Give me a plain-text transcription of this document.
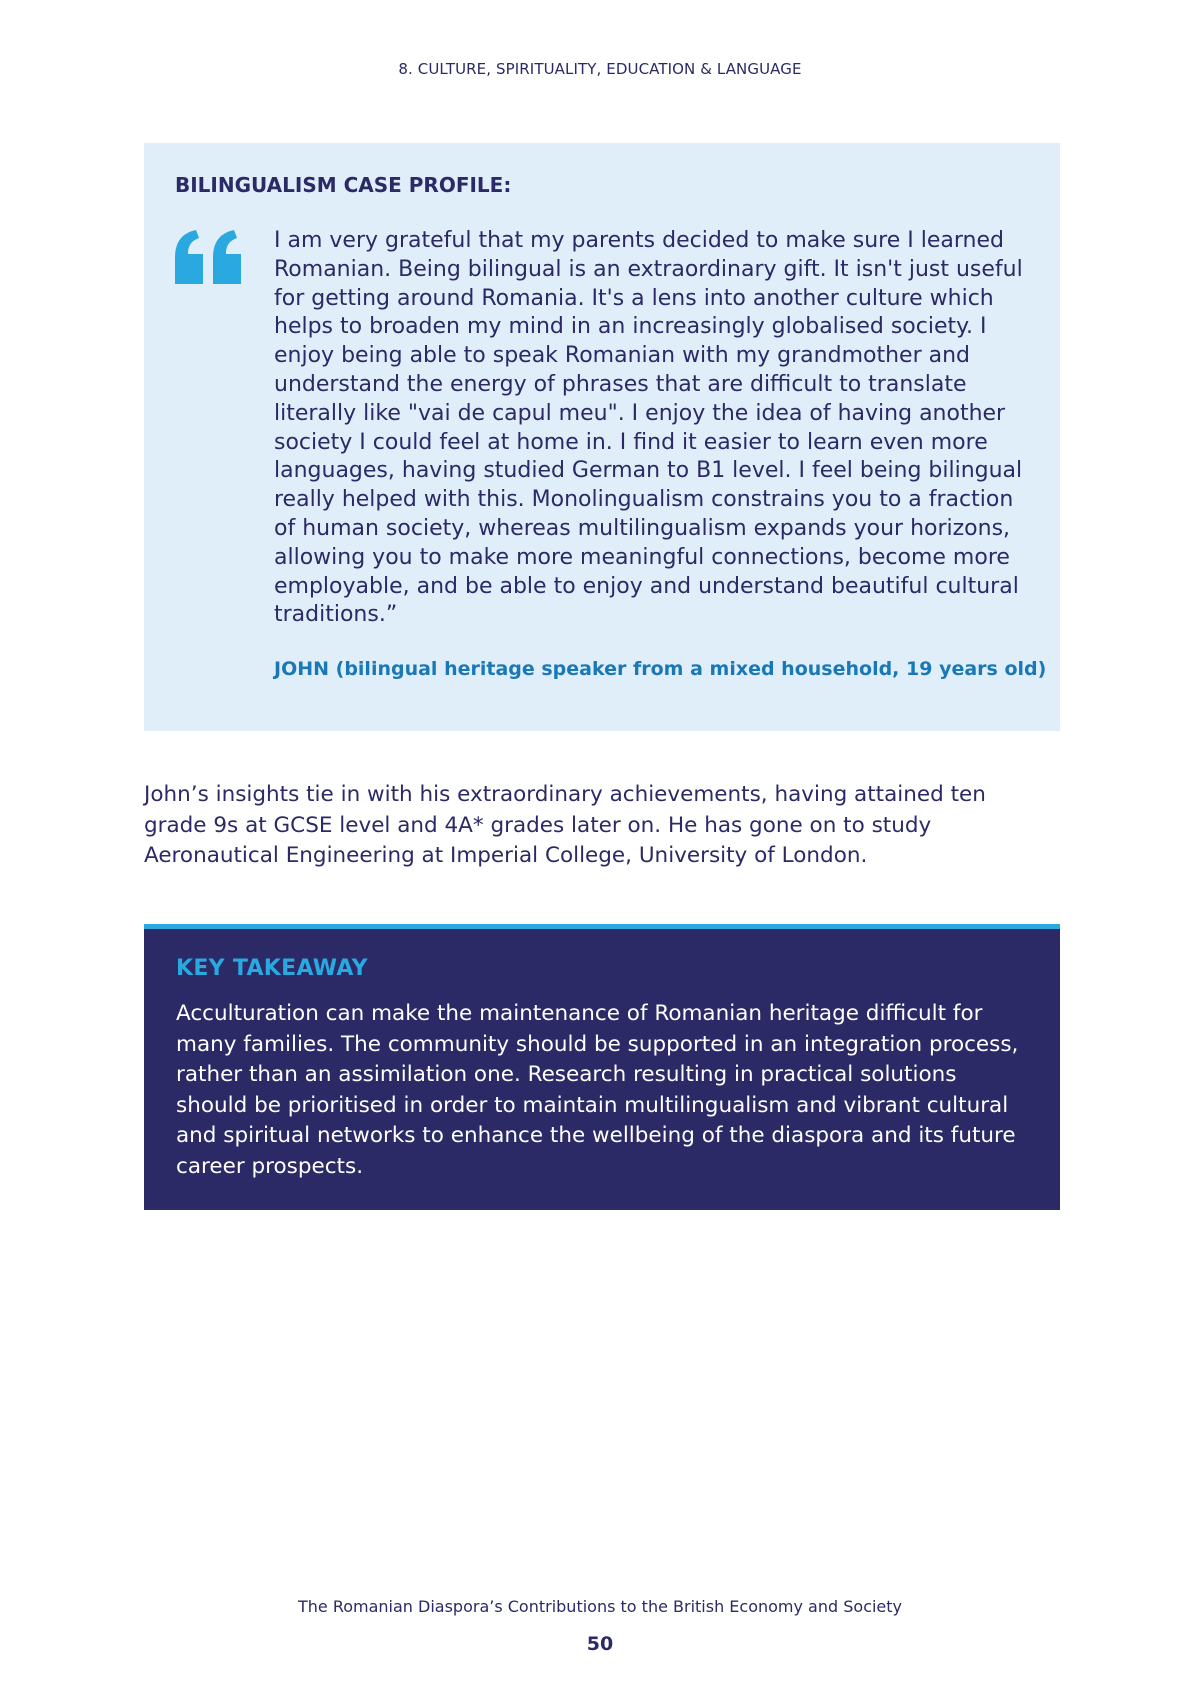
8. CULTURE, SPIRITUALITY, EDUCATION & LANGUAGE
BILINGUALISM CASE PROFILE:

I am very grateful that my parents decided to make sure I learned Romanian. Being bilingual is an extraordinary gift. It isn't just useful for getting around Romania. It's a lens into another culture which helps to broaden my mind in an increasingly globalised society. I enjoy being able to speak Romanian with my grandmother and understand the energy of phrases that are difficult to translate literally like "vai de capul meu". I enjoy the idea of having another society I could feel at home in. I find it easier to learn even more languages, having studied German to B1 level. I feel being bilingual really helped with this. Monolingualism constrains you to a fraction of human society, whereas multilingualism expands your horizons, allowing you to make more meaningful connections, become more employable, and be able to enjoy and understand beautiful cultural traditions.”

JOHN (bilingual heritage speaker from a mixed household, 19 years old)

John’s insights tie in with his extraordinary achievements, having attained ten grade 9s at GCSE level and 4A* grades later on. He has gone on to study Aeronautical Engineering at Imperial College, University of London.

KEY TAKEAWAY

Acculturation can make the maintenance of Romanian heritage difficult for many families. The community should be supported in an integration process, rather than an assimilation one. Research resulting in practical solutions should be prioritised in order to maintain multilingualism and vibrant cultural and spiritual networks to enhance the wellbeing of the diaspora and its future career prospects.

The Romanian Diaspora’s Contributions to the British Economy and Society
50
